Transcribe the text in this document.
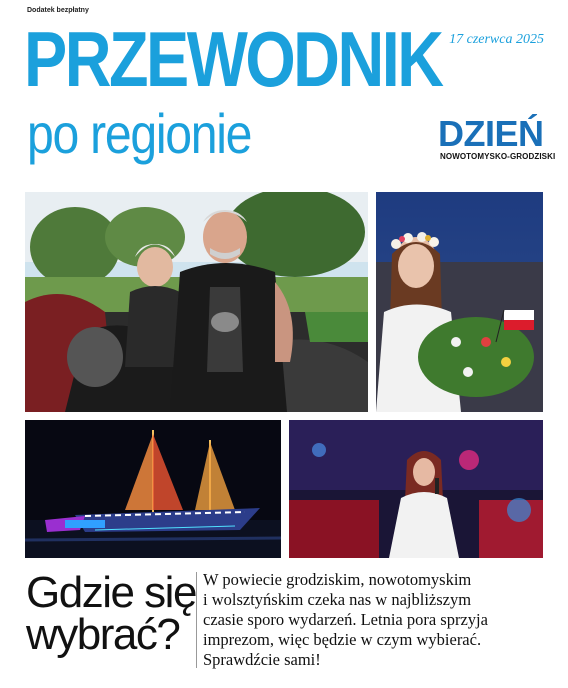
Dodatek bezpłatny
PRZEWODNIK
po regionie
17 czerwca 2025
DZIEŃ
NOWOTOMYSKO-GRODZISKI
Gdzie się
wybrać?
W powiecie grodziskim, nowotomyskim
i wolsztyńskim czeka nas w najbliższym
czasie sporo wydarzeń. Letnia pora sprzyja
imprezom, więc będzie w czym wybierać.
Sprawdźcie sami!
